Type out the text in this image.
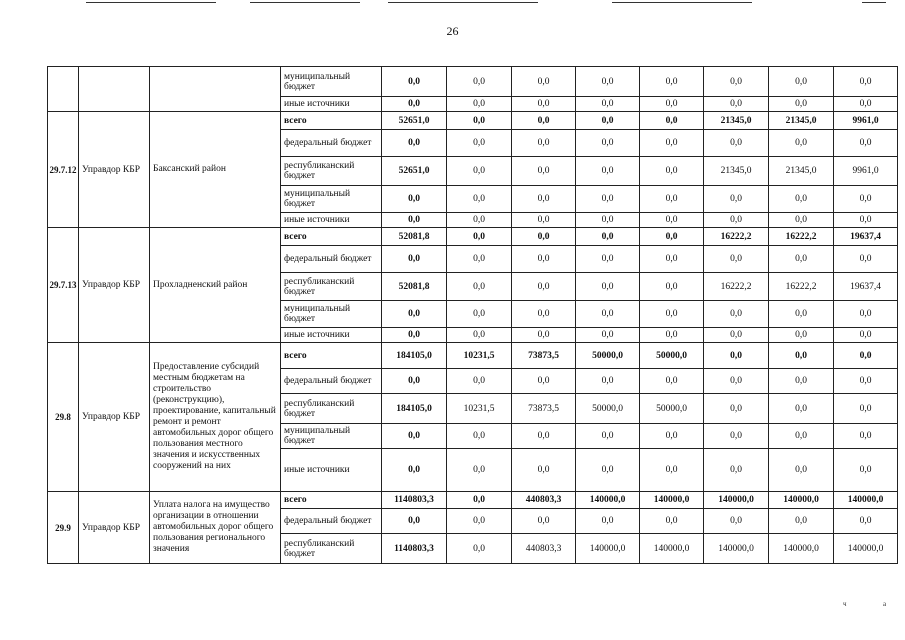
26
			муниципальный бюджет	0,0	0,0	0,0	0,0	0,0	0,0	0,0	0,0
			иные источники	0,0	0,0	0,0	0,0	0,0	0,0	0,0	0,0
29.7.12	Управдор КБР	Баксанский район	всего	52651,0	0,0	0,0	0,0	0,0	21345,0	21345,0	9961,0
			федеральный бюджет	0,0	0,0	0,0	0,0	0,0	0,0	0,0	0,0
			республиканский бюджет	52651,0	0,0	0,0	0,0	0,0	21345,0	21345,0	9961,0
			муниципальный бюджет	0,0	0,0	0,0	0,0	0,0	0,0	0,0	0,0
			иные источники	0,0	0,0	0,0	0,0	0,0	0,0	0,0	0,0
29.7.13	Управдор КБР	Прохладненский район	всего	52081,8	0,0	0,0	0,0	0,0	16222,2	16222,2	19637,4
			федеральный бюджет	0,0	0,0	0,0	0,0	0,0	0,0	0,0	0,0
			республиканский бюджет	52081,8	0,0	0,0	0,0	0,0	16222,2	16222,2	19637,4
			муниципальный бюджет	0,0	0,0	0,0	0,0	0,0	0,0	0,0	0,0
			иные источники	0,0	0,0	0,0	0,0	0,0	0,0	0,0	0,0
29.8	Управдор КБР	Предоставление субсидий местным бюджетам на строительство (реконструкцию), проектирование, капитальный ремонт и ремонт автомобильных дорог общего пользования местного значения и искусственных сооружений на них	всего	184105,0	10231,5	73873,5	50000,0	50000,0	0,0	0,0	0,0
			федеральный бюджет	0,0	0,0	0,0	0,0	0,0	0,0	0,0	0,0
			республиканский бюджет	184105,0	10231,5	73873,5	50000,0	50000,0	0,0	0,0	0,0
			муниципальный бюджет	0,0	0,0	0,0	0,0	0,0	0,0	0,0	0,0
			иные источники	0,0	0,0	0,0	0,0	0,0	0,0	0,0	0,0
29.9	Управдор КБР	Уплата налога на имущество организации в отношении автомобильных дорог общего пользования регионального значения	всего	1140803,3	0,0	440803,3	140000,0	140000,0	140000,0	140000,0	140000,0
			федеральный бюджет	0,0	0,0	0,0	0,0	0,0	0,0	0,0	0,0
			республиканский бюджет	1140803,3	0,0	440803,3	140000,0	140000,0	140000,0	140000,0	140000,0
ч	а
